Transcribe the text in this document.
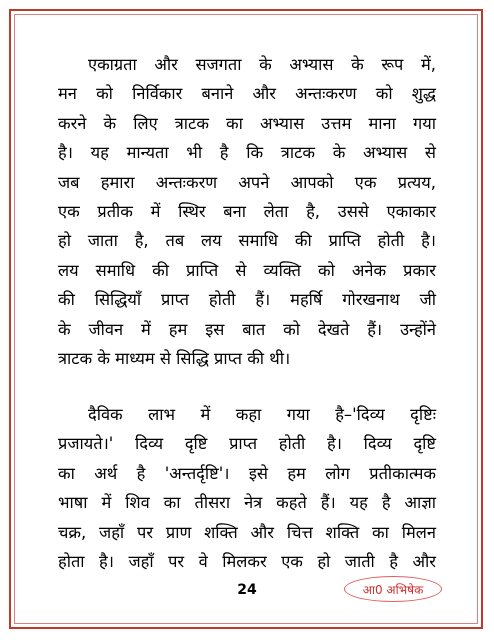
एकाग्रता और सजगता के अभ्यास के रूप में,
मन को निर्विकार बनाने और अन्तःकरण को शुद्ध
करने के लिए त्राटक का अभ्यास उत्तम माना गया
है। यह मान्यता भी है कि त्राटक के अभ्यास से
जब हमारा अन्तःकरण अपने आपको एक प्रत्यय,
एक प्रतीक में स्थिर बना लेता है, उससे एकाकार
हो जाता है, तब लय समाधि की प्राप्ति होती है।
लय समाधि की प्राप्ति से व्यक्ति को अनेक प्रकार
की सिद्धियाँ प्राप्त होती हैं। महर्षि गोरखनाथ जी
के जीवन में हम इस बात को देखते हैं। उन्होंने
त्राटक के माध्यम से सिद्धि प्राप्त की थी।
दैविक लाभ में कहा गया है–'दिव्य दृष्टिः
प्रजायते।' दिव्य दृष्टि प्राप्त होती है। दिव्य दृष्टि
का अर्थ है 'अन्तर्दृष्टि'। इसे हम लोग प्रतीकात्मक
भाषा में शिव का तीसरा नेत्र कहते हैं। यह है आज्ञा
चक्र, जहाँ पर प्राण शक्ति और चित्त शक्ति का मिलन
होता है। जहाँ पर वे मिलकर एक हो जाती है और
24	आ0 अभिषेक
